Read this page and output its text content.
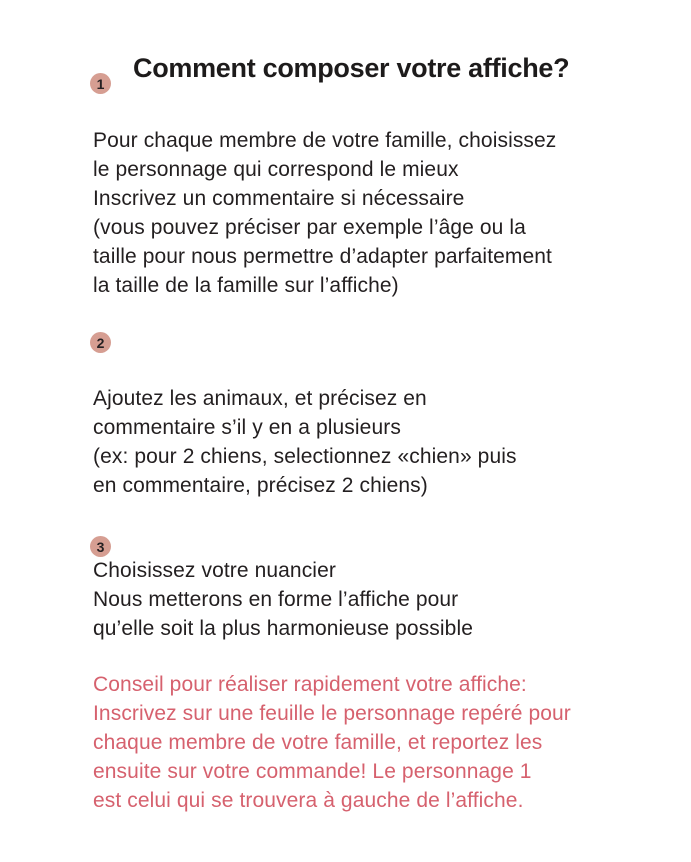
Comment composer votre affiche?
1
Pour chaque membre de votre famille, choisissez
le personnage qui correspond le mieux
Inscrivez un commentaire si nécessaire
(vous pouvez préciser par exemple l’âge ou la
taille pour nous permettre d’adapter parfaitement
la taille de la famille sur l’affiche)
2
Ajoutez les animaux, et précisez en
commentaire s’il y en a plusieurs
(ex: pour 2 chiens, selectionnez «chien» puis
en commentaire, précisez 2 chiens)
3
Choisissez votre nuancier
Nous metterons en forme l’affiche pour
qu’elle soit la plus harmonieuse possible
Conseil pour réaliser rapidement votre affiche:
Inscrivez sur une feuille le personnage repéré pour
chaque membre de votre famille, et reportez les
ensuite sur votre commande! Le personnage 1
est celui qui se trouvera à gauche de l’affiche.
